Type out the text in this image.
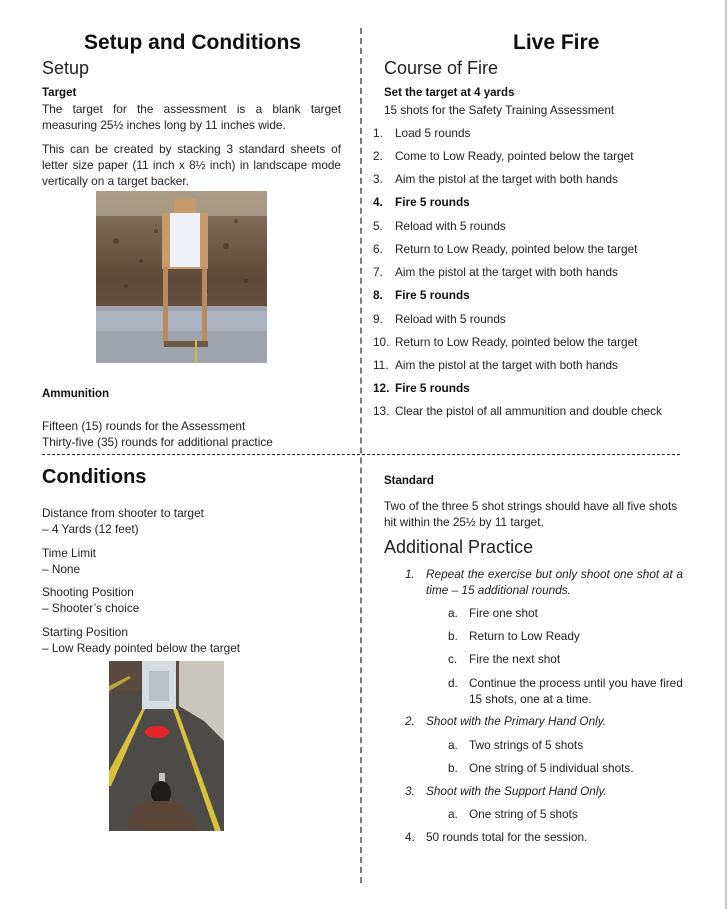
Setup and Conditions
Setup
Target
The target for the assessment is a blank target measuring 25½ inches long by 11 inches wide.
This can be created by stacking 3 standard sheets of letter size paper (11 inch x 8½ inch) in landscape mode vertically on a target backer.
Ammunition
Fifteen (15) rounds for the Assessment
Thirty-five (35) rounds for additional practice
Conditions
Distance from shooter to target
– 4 Yards (12 feet)
Time Limit
– None
Shooting Position
– Shooter’s choice
Starting Position
– Low Ready pointed below the target
Live Fire
Course of Fire
Set the target at 4 yards
15 shots for the Safety Training Assessment
1.	Load 5 rounds
2.	Come to Low Ready, pointed below the target
3.	Aim the pistol at the target with both hands
4.	Fire 5 rounds
5.	Reload with 5 rounds
6.	Return to Low Ready, pointed below the target
7.	Aim the pistol at the target with both hands
8.	Fire 5 rounds
9.	Reload with 5 rounds
10. Return to Low Ready, pointed below the target
11. Aim the pistol at the target with both hands
12. Fire 5 rounds
13. Clear the pistol of all ammunition and double check
Standard
Two of the three 5 shot strings should have all five shots hit within the 25½ by 11 target.
Additional Practice
1. Repeat the exercise but only shoot one shot at a time – 15 additional rounds.
a. Fire one shot
b. Return to Low Ready
c. Fire the next shot
d. Continue the process until you have fired 15 shots, one at a time.
2. Shoot with the Primary Hand Only.
a. Two strings of 5 shots
b. One string of 5 individual shots.
3. Shoot with the Support Hand Only.
a. One string of 5 shots
4. 50 rounds total for the session.
